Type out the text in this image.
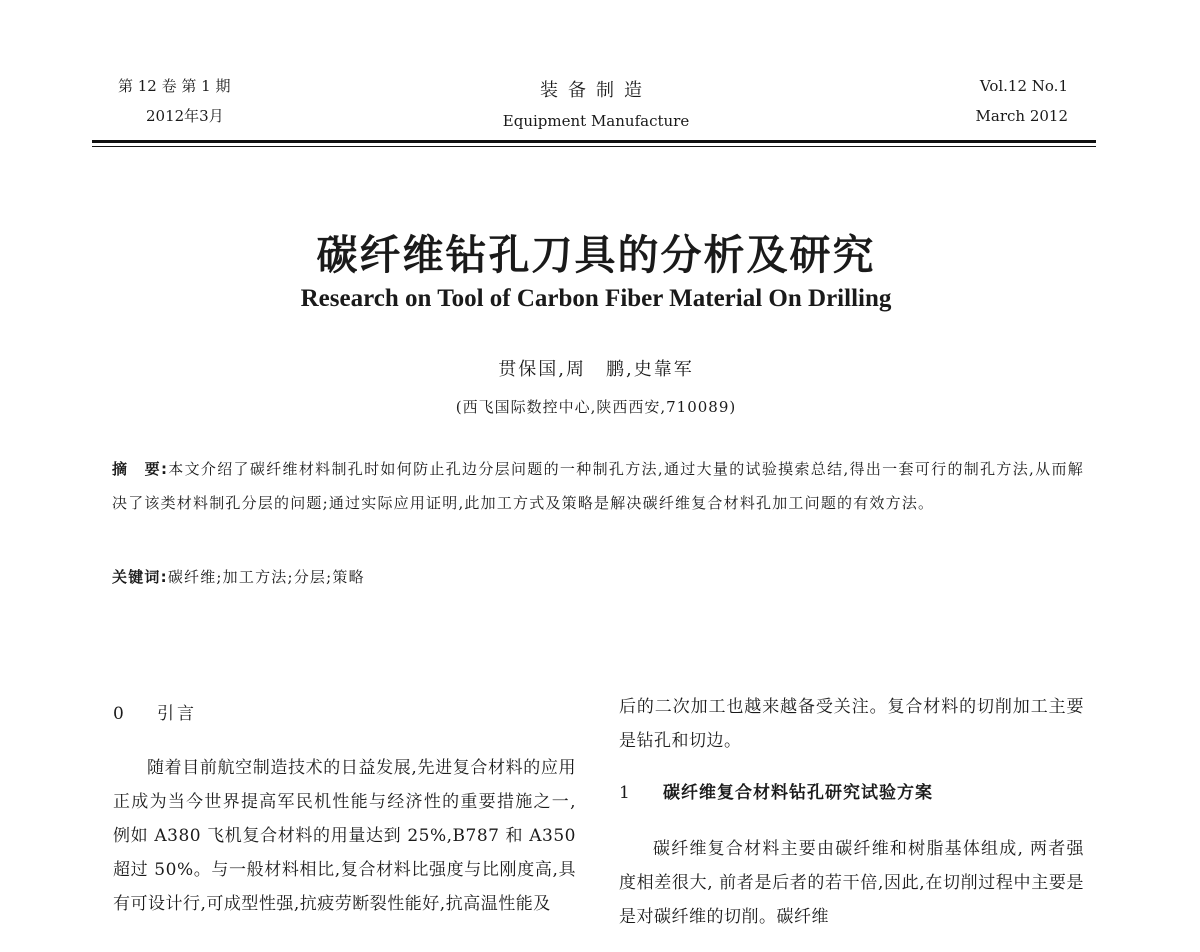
第 12 卷 第 1 期
2012年3月
装备制造
Equipment Manufacture
Vol.12 No.1
March 2012
碳纤维钻孔刀具的分析及研究
Research on Tool of Carbon Fiber Material On Drilling
贯保国,周　鹏,史靠军
(西飞国际数控中心,陕西西安,710089)
摘　要:本文介绍了碳纤维材料制孔时如何防止孔边分层问题的一种制孔方法,通过大量的试验摸索总结,得出一套可行的制孔方法,从而解决了该类材料制孔分层的问题;通过实际应用证明,此加工方式及策略是解决碳纤维复合材料孔加工问题的有效方法。
关键词:碳纤维;加工方法;分层;策略
0	引言
随着目前航空制造技术的日益发展,先进复合材料的应用正成为当今世界提高军民机性能与经济性的重要措施之一, 例如 A380 飞机复合材料的用量达到 25%,B787 和 A350 超过 50%。与一般材料相比,复合材料比强度与比刚度高,具有可设计行,可成型性强,抗疲劳断裂性能好,抗高温性能及
后的二次加工也越来越备受关注。复合材料的切削加工主要是钻孔和切边。
1	碳纤维复合材料钻孔研究试验方案
碳纤维复合材料主要由碳纤维和树脂基体组成, 两者强度相差很大, 前者是后者的若干倍,因此,在切削过程中主要是是对碳纤维的切削。碳纤维
